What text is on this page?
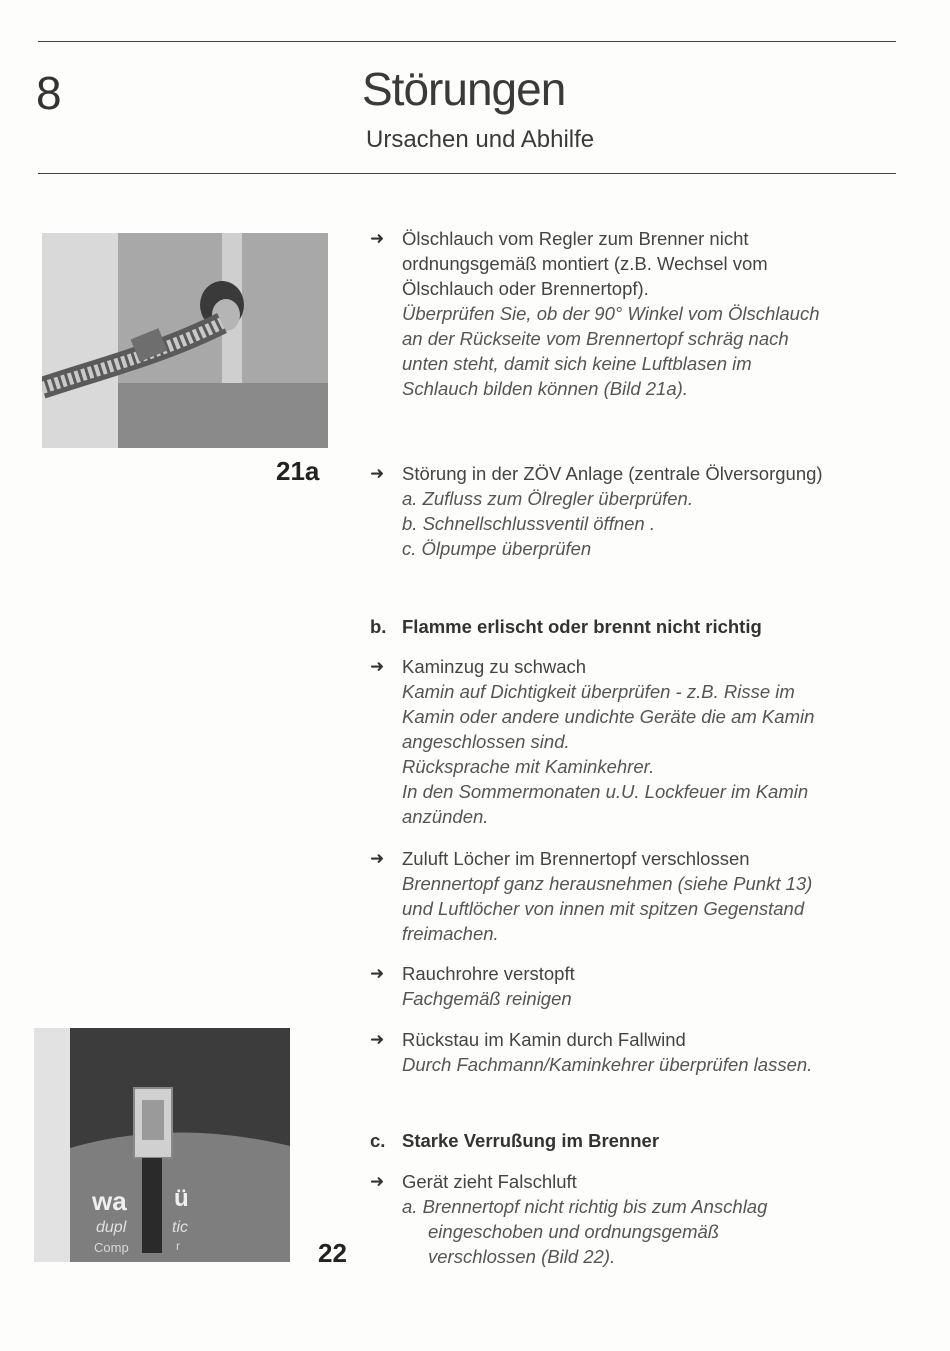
8	Störungen
Ursachen und Abhilfe
21a
wa ü
dupl	tic
Comp	r	22
➜ Ölschlauch vom Regler zum Brenner nicht ordnungsgemäß montiert (z.B. Wechsel vom Ölschlauch oder Brennertopf).
Überprüfen Sie, ob der 90° Winkel vom Ölschlauch an der Rückseite vom Brennertopf schräg nach unten steht, damit sich keine Luftblasen im Schlauch bilden können (Bild 21a).
➜ Störung in der ZÖV Anlage (zentrale Ölversorgung)
a. Zufluss zum Ölregler überprüfen.
b. Schnellschlussventil öffnen .
c. Ölpumpe überprüfen
b. Flamme erlischt oder brennt nicht richtig
➜ Kaminzug zu schwach
Kamin auf Dichtigkeit überprüfen - z.B. Risse im Kamin oder andere undichte Geräte die am Kamin angeschlossen sind.
Rücksprache mit Kaminkehrer.
In den Sommermonaten u.U. Lockfeuer im Kamin anzünden.
➜ Zuluft Löcher im Brennertopf verschlossen
Brennertopf ganz herausnehmen (siehe Punkt 13) und Luftlöcher von innen mit spitzen Gegenstand freimachen.
➜ Rauchrohre verstopft
Fachgemäß reinigen
➜ Rückstau im Kamin durch Fallwind
Durch Fachmann/Kaminkehrer überprüfen lassen.
c. Starke Verrußung im Brenner
➜ Gerät zieht Falschluft
a. Brennertopf nicht richtig bis zum Anschlag eingeschoben und ordnungsgemäß verschlossen (Bild 22).
